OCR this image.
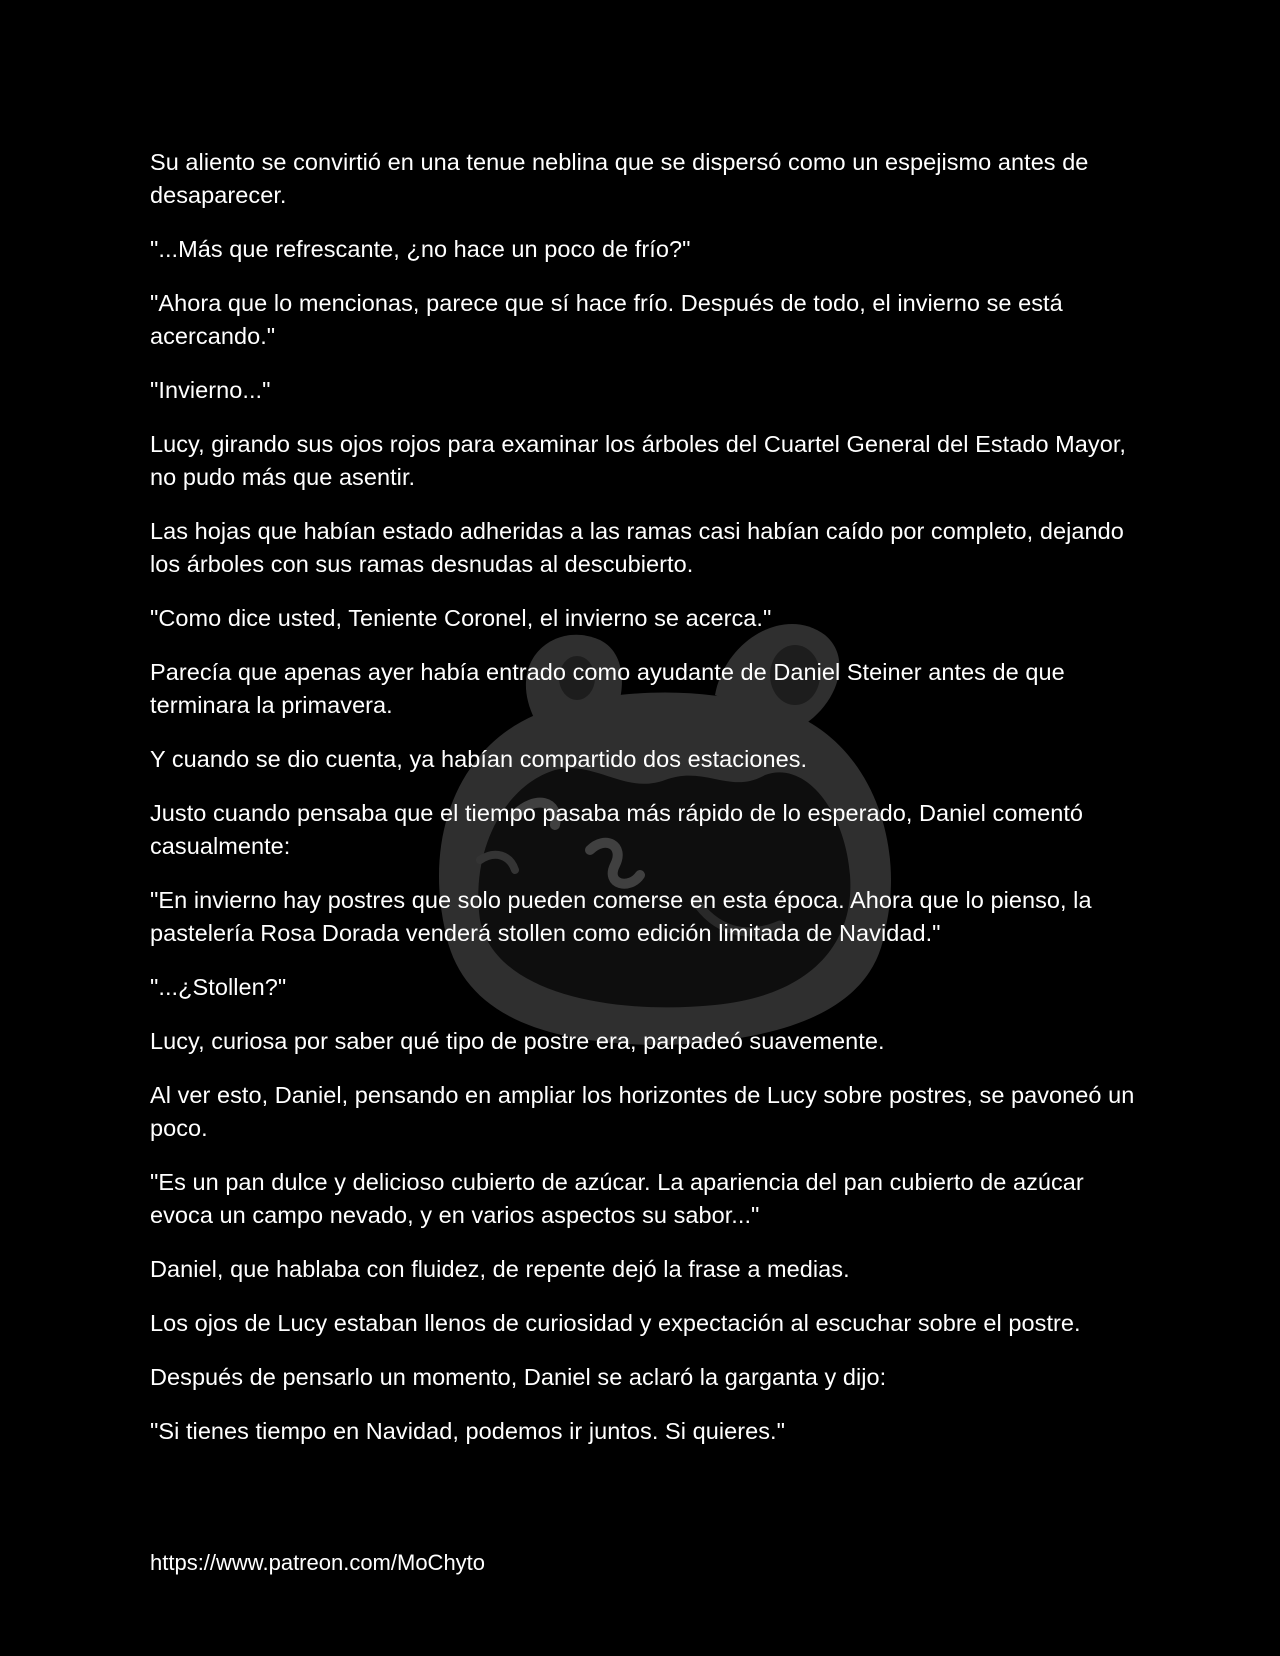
Su aliento se convirtió en una tenue neblina que se dispersó como un espejismo antes de desaparecer.

"...Más que refrescante, ¿no hace un poco de frío?"

"Ahora que lo mencionas, parece que sí hace frío. Después de todo, el invierno se está acercando."

"Invierno..."

Lucy, girando sus ojos rojos para examinar los árboles del Cuartel General del Estado Mayor, no pudo más que asentir.

Las hojas que habían estado adheridas a las ramas casi habían caído por completo, dejando los árboles con sus ramas desnudas al descubierto.

"Como dice usted, Teniente Coronel, el invierno se acerca."

Parecía que apenas ayer había entrado como ayudante de Daniel Steiner antes de que terminara la primavera.

Y cuando se dio cuenta, ya habían compartido dos estaciones.

Justo cuando pensaba que el tiempo pasaba más rápido de lo esperado, Daniel comentó casualmente:

"En invierno hay postres que solo pueden comerse en esta época. Ahora que lo pienso, la pastelería Rosa Dorada venderá stollen como edición limitada de Navidad."

"...¿Stollen?"

Lucy, curiosa por saber qué tipo de postre era, parpadeó suavemente.

Al ver esto, Daniel, pensando en ampliar los horizontes de Lucy sobre postres, se pavoneó un poco.

"Es un pan dulce y delicioso cubierto de azúcar. La apariencia del pan cubierto de azúcar evoca un campo nevado, y en varios aspectos su sabor..."

Daniel, que hablaba con fluidez, de repente dejó la frase a medias.

Los ojos de Lucy estaban llenos de curiosidad y expectación al escuchar sobre el postre.

Después de pensarlo un momento, Daniel se aclaró la garganta y dijo:

"Si tienes tiempo en Navidad, podemos ir juntos. Si quieres."

https://www.patreon.com/MoChyto
